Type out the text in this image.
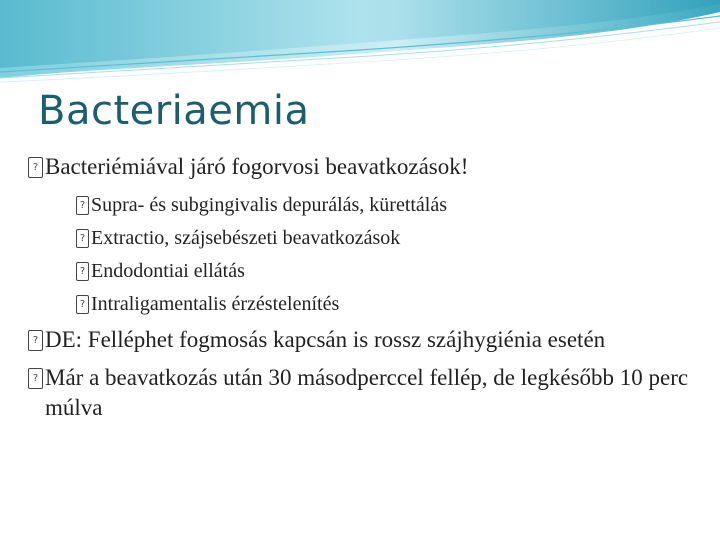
Bacteriaemia
?
Bacteriémiával járó fogorvosi beavatkozások!
?
Supra- és subgingivalis depurálás, kürettálás
?
Extractio, szájsebészeti beavatkozások
?
Endodontiai ellátás
?
Intraligamentalis érzéstelenítés
?
DE: Felléphet fogmosás kapcsán is rossz szájhygiénia esetén
?
Már a beavatkozás után 30 másodperccel fellép, de legkésőbb 10 perc múlva
